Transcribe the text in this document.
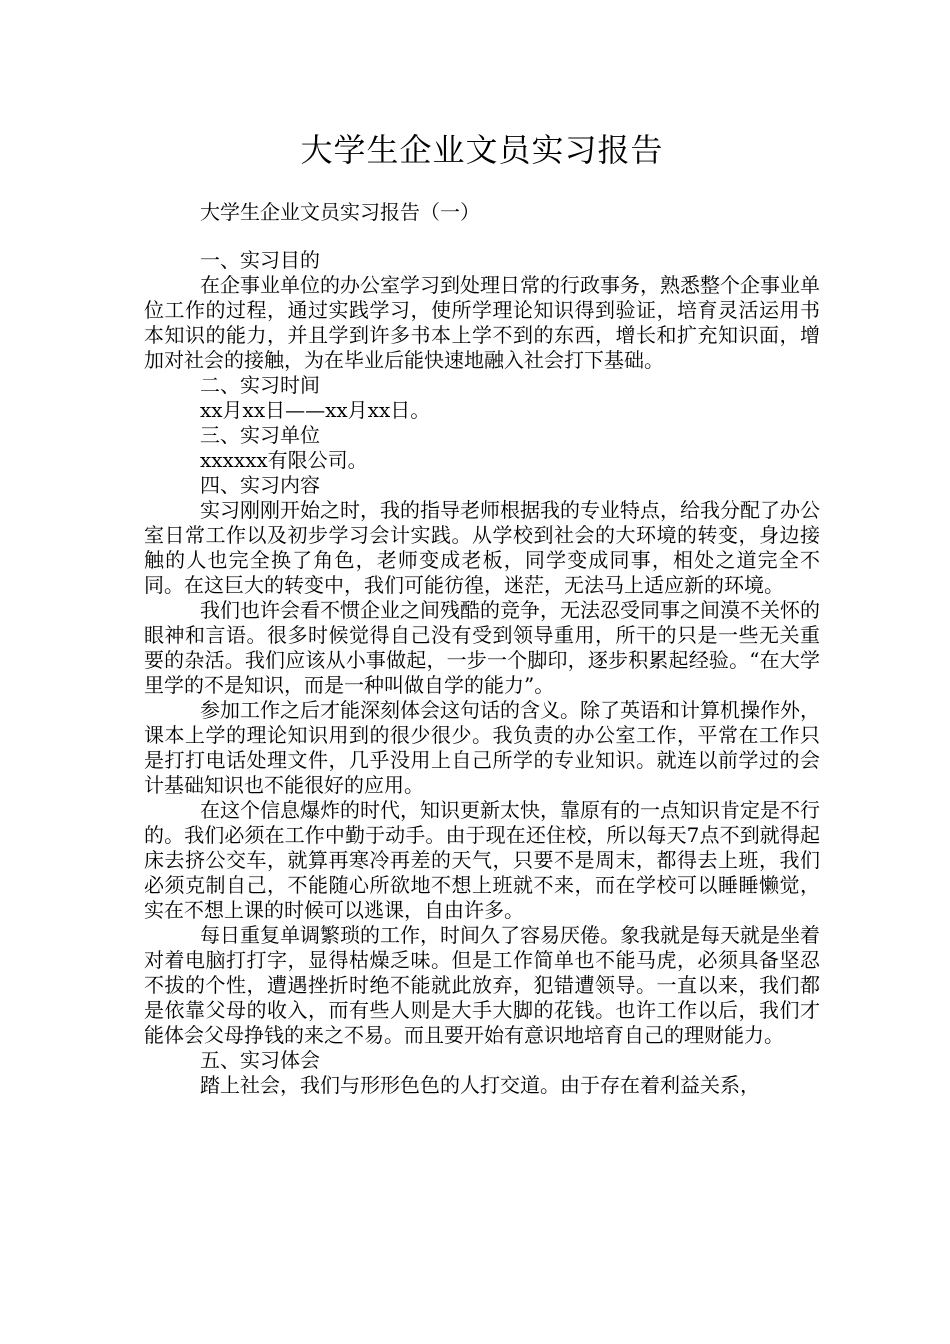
大学生企业文员实习报告
大学生企业文员实习报告（一）

一、实习目的

在企事业单位的办公室学习到处理日常的行政事务，熟悉整个企事业单位工作的过程，通过实践学习，使所学理论知识得到验证，培育灵活运用书本知识的能力，并且学到许多书本上学不到的东西，增长和扩充知识面，增加对社会的接触，为在毕业后能快速地融入社会打下基础。

二、实习时间

xx月xx日——xx月xx日。

三、实习单位

xxxxxx有限公司。

四、实习内容

实习刚刚开始之时，我的指导老师根据我的专业特点，给我分配了办公室日常工作以及初步学习会计实践。从学校到社会的大环境的转变，身边接触的人也完全换了角色，老师变成老板，同学变成同事，相处之道完全不同。在这巨大的转变中，我们可能彷徨，迷茫，无法马上适应新的环境。

我们也许会看不惯企业之间残酷的竞争，无法忍受同事之间漠不关怀的眼神和言语。很多时候觉得自己没有受到领导重用，所干的只是一些无关重要的杂活。我们应该从小事做起，一步一个脚印，逐步积累起经验。“在大学里学的不是知识，而是一种叫做自学的能力”。

参加工作之后才能深刻体会这句话的含义。除了英语和计算机操作外，课本上学的理论知识用到的很少很少。我负责的办公室工作，平常在工作只是打打电话处理文件，几乎没用上自己所学的专业知识。就连以前学过的会计基础知识也不能很好的应用。

在这个信息爆炸的时代，知识更新太快，靠原有的一点知识肯定是不行的。我们必须在工作中勤于动手。由于现在还住校，所以每天7点不到就得起床去挤公交车，就算再寒冷再差的天气，只要不是周末，都得去上班，我们必须克制自己，不能随心所欲地不想上班就不来，而在学校可以睡睡懒觉，实在不想上课的时候可以逃课，自由许多。

每日重复单调繁琐的工作，时间久了容易厌倦。象我就是每天就是坐着对着电脑打打字，显得枯燥乏味。但是工作简单也不能马虎，必须具备坚忍不拔的个性，遭遇挫折时绝不能就此放弃，犯错遭领导。一直以来，我们都是依靠父母的收入，而有些人则是大手大脚的花钱。也许工作以后，我们才能体会父母挣钱的来之不易。而且要开始有意识地培育自己的理财能力。

五、实习体会

踏上社会，我们与形形色色的人打交道。由于存在着利益关系，
